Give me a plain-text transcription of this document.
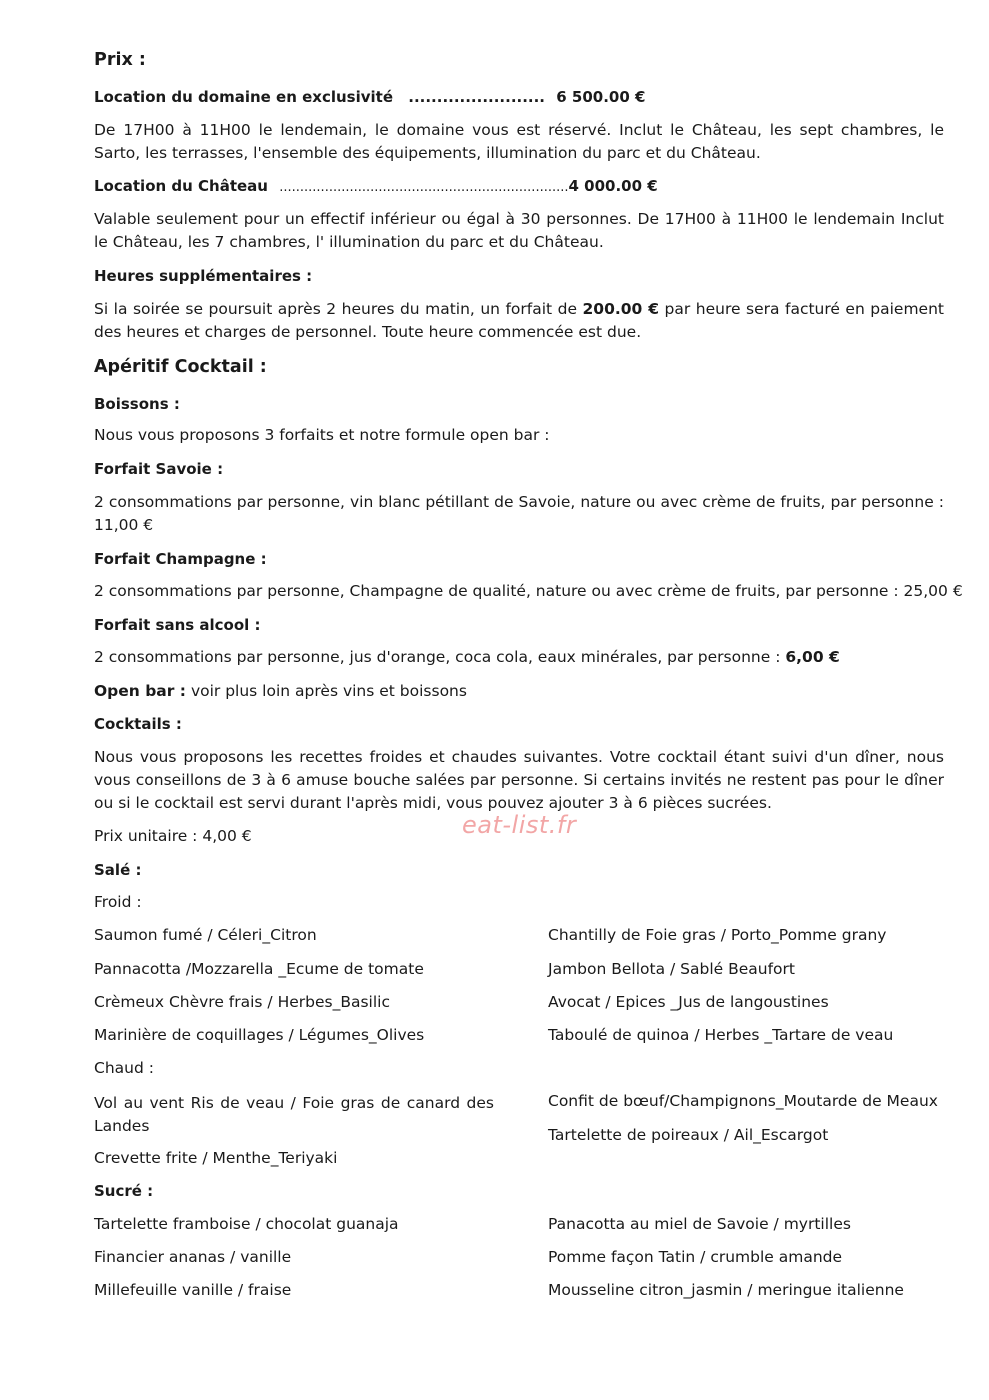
Prix :
Location du domaine en exclusivité ........................ 6 500.00 €
De 17H00 à 11H00 le lendemain, le domaine vous est réservé. Inclut le Château, les sept chambres, le Sarto, les terrasses, l'ensemble des équipements, illumination du parc et du Château.
Location du Château ......................................................................4 000.00 €
Valable seulement pour un effectif inférieur ou égal à 30 personnes. De 17H00 à 11H00 le lendemain Inclut le Château, les 7 chambres, l' illumination du parc et du Château.
Heures supplémentaires :
Si la soirée se poursuit après 2 heures du matin, un forfait de 200.00 € par heure sera facturé en paiement des heures et charges de personnel. Toute heure commencée est due.
Apéritif Cocktail :
Boissons :
Nous vous proposons 3 forfaits et notre formule open bar :
Forfait Savoie :
2 consommations par personne, vin blanc pétillant de Savoie, nature ou avec crème de fruits, par personne : 11,00 €
Forfait Champagne :
2 consommations par personne, Champagne de qualité, nature ou avec crème de fruits, par personne : 25,00 €
Forfait sans alcool :
2 consommations par personne, jus d'orange, coca cola, eaux minérales, par personne : 6,00 €
Open bar : voir plus loin après vins et boissons
Cocktails :
Nous vous proposons les recettes froides et chaudes suivantes. Votre cocktail étant suivi d'un dîner, nous vous conseillons de 3 à 6 amuse bouche salées par personne. Si certains invités ne restent pas pour le dîner ou si le cocktail est servi durant l'après midi, vous pouvez ajouter 3 à 6 pièces sucrées.
Prix unitaire : 4,00 €	eat-list.fr
Salé :
Froid :
Saumon fumé / Céleri_Citron
Pannacotta /Mozzarella _Ecume de tomate
Crèmeux Chèvre frais / Herbes_Basilic
Marinière de coquillages / Légumes_Olives
Chantilly de Foie gras / Porto_Pomme grany
Jambon Bellota / Sablé Beaufort
Avocat / Epices _Jus de langoustines
Taboulé de quinoa / Herbes _Tartare de veau
Chaud :
Vol au vent Ris de veau / Foie gras de canard des Landes
Crevette frite / Menthe_Teriyaki
Confit de bœuf/Champignons_Moutarde de Meaux
Tartelette de poireaux / Ail_Escargot
Sucré :
Tartelette framboise / chocolat guanaja
Financier ananas / vanille
Millefeuille vanille / fraise
Panacotta au miel de Savoie / myrtilles
Pomme façon Tatin / crumble amande
Mousseline citron_jasmin / meringue italienne
